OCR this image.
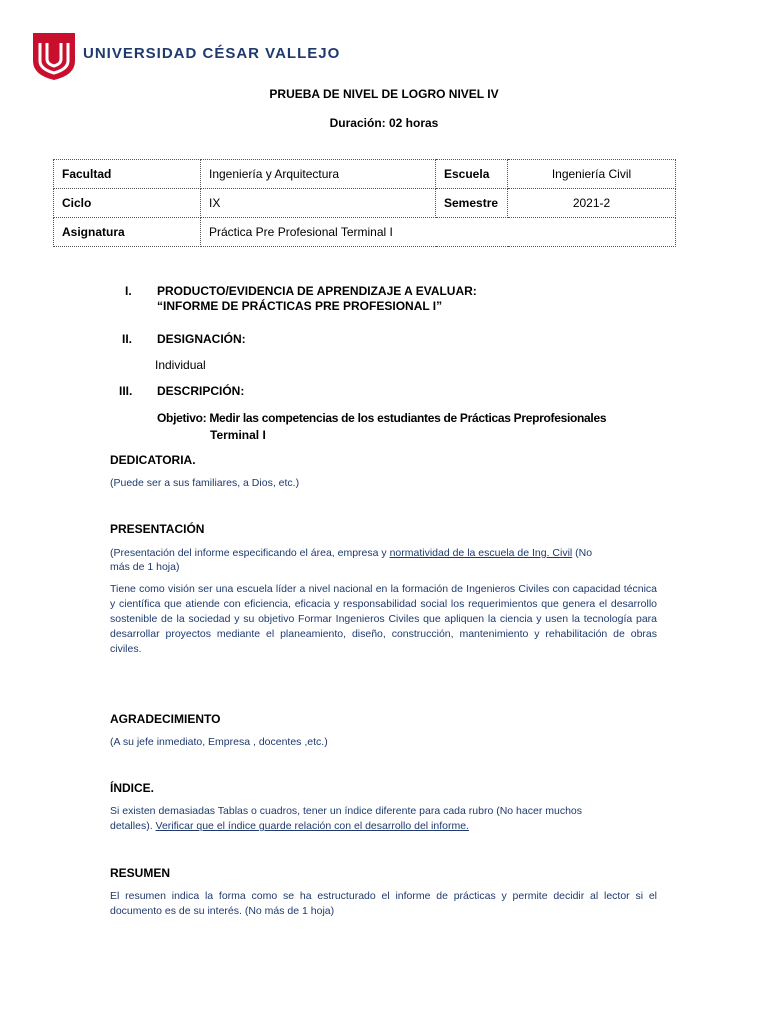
UNIVERSIDAD CÉSAR VALLEJO
PRUEBA DE NIVEL DE LOGRO NIVEL IV
Duración: 02 horas
Facultad	Ingeniería y Arquitectura	Escuela	Ingeniería Civil
Ciclo	IX	Semestre	2021-2
Asignatura	Práctica Pre Profesional Terminal I		
I. PRODUCTO/EVIDENCIA DE APRENDIZAJE A EVALUAR:
“INFORME DE PRÁCTICAS PRE PROFESIONAL I”
II. DESIGNACIÓN:
Individual
III. DESCRIPCIÓN:
Objetivo: Medir las competencias de los estudiantes de Prácticas Preprofesionales
Terminal I
DEDICATORIA.
(Puede ser a sus familiares, a Dios, etc.)
PRESENTACIÓN
(Presentación del informe especificando el área, empresa y normatividad de la escuela de Ing. Civil (No
más de 1 hoja)
Tiene como visión ser una escuela líder a nivel nacional en la formación de Ingenieros Civiles con capacidad técnica y científica que atiende con eficiencia, eficacia y responsabilidad social los requerimientos que genera el desarrollo sostenible de la sociedad y su objetivo Formar Ingenieros Civiles que apliquen la ciencia y usen la tecnología para desarrollar proyectos mediante el planeamiento, diseño, construcción, mantenimiento y rehabilitación de obras civiles.
AGRADECIMIENTO
(A su jefe inmediato, Empresa , docentes ,etc.)
ÍNDICE.
Si existen demasiadas Tablas o cuadros, tener un índice diferente para cada rubro (No hacer muchos
detalles). Verificar que el índice guarde relación con el desarrollo del informe.
RESUMEN
El resumen indica la forma como se ha estructurado el informe de prácticas y permite decidir al lector si el documento es de su interés. (No más de 1 hoja)
